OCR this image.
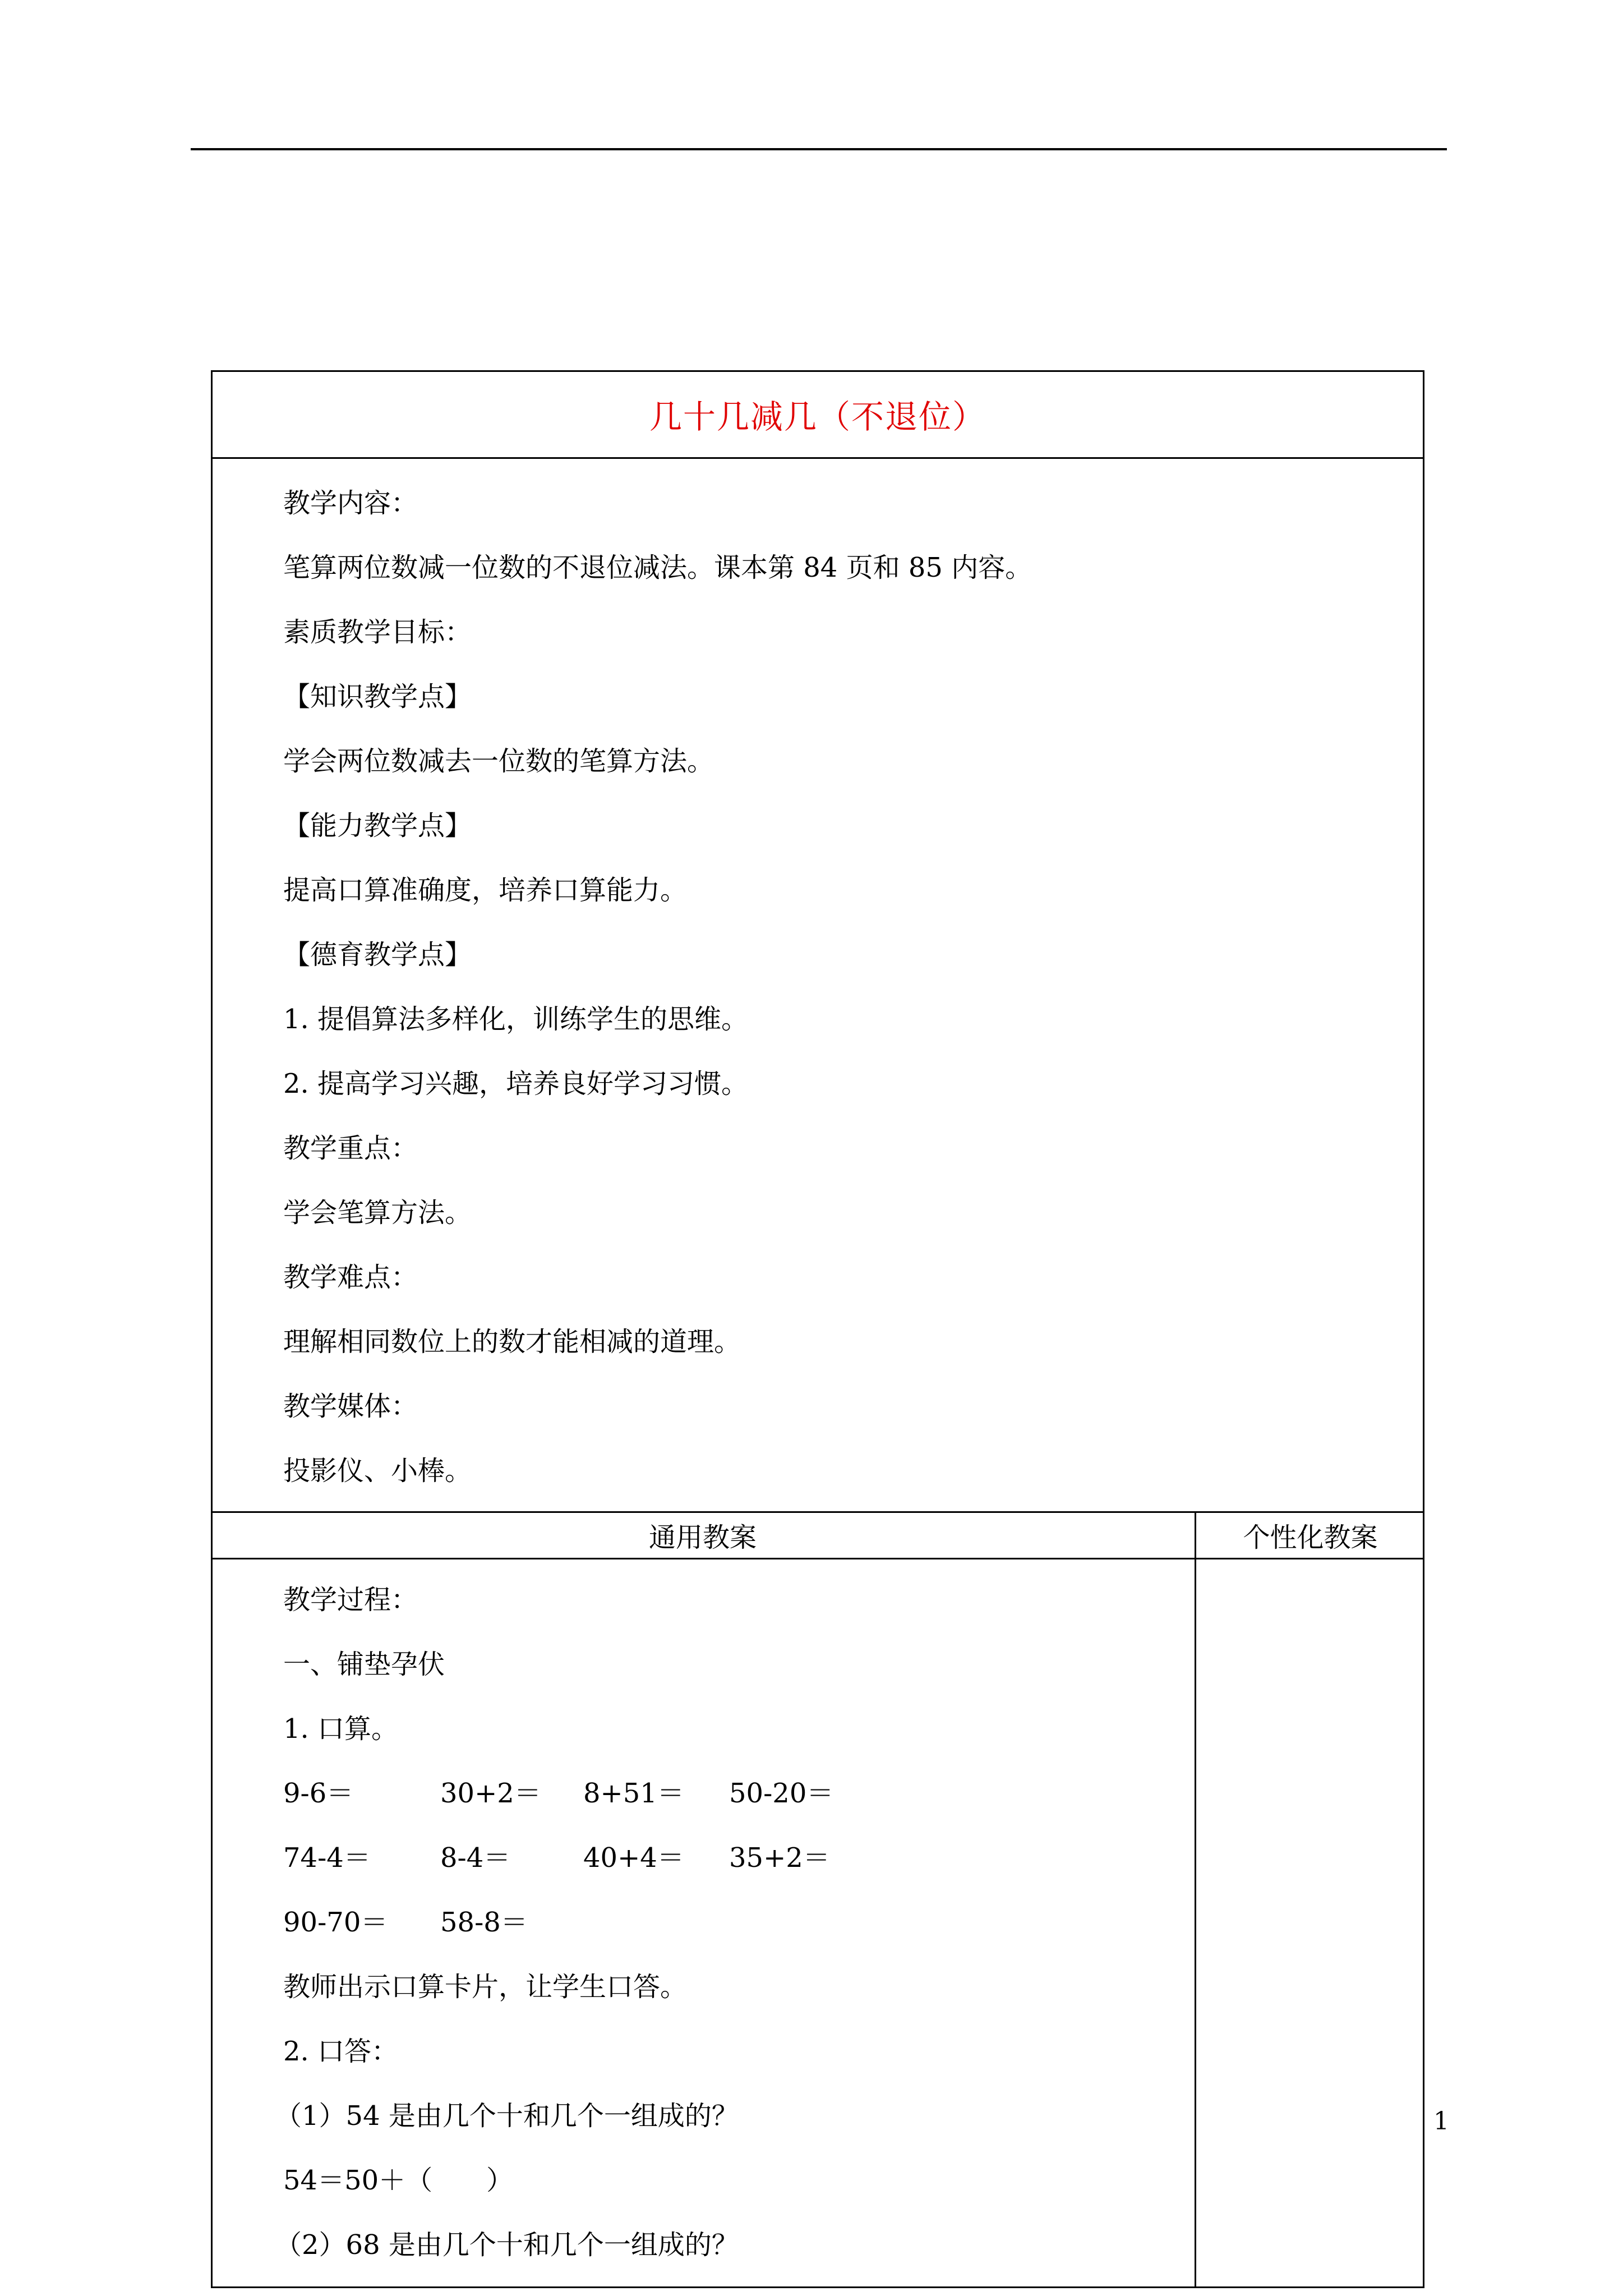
几十几减几（不退位）
教学内容：
笔算两位数减一位数的不退位减法。课本第 84 页和 85 内容。
素质教学目标：
【知识教学点】
学会两位数减去一位数的笔算方法。
【能力教学点】
提高口算准确度，培养口算能力。
【德育教学点】
1. 提倡算法多样化，训练学生的思维。
2. 提高学习兴趣，培养良好学习习惯。
教学重点：
学会笔算方法。
教学难点：
理解相同数位上的数才能相减的道理。
教学媒体：
投影仪、小棒。
通用教案	个性化教案
教学过程：
一、铺垫孕伏
1. 口算。
9-6＝	30+2＝ 8+51＝ 50-20＝
74-4＝	8-4＝	40+4＝ 35+2＝
90-70＝ 58-8＝
教师出示口算卡片，让学生口答。
2. 口答：
（1）54 是由几个十和几个一组成的？
54＝50＋（　　）
（2）68 是由几个十和几个一组成的？
1
